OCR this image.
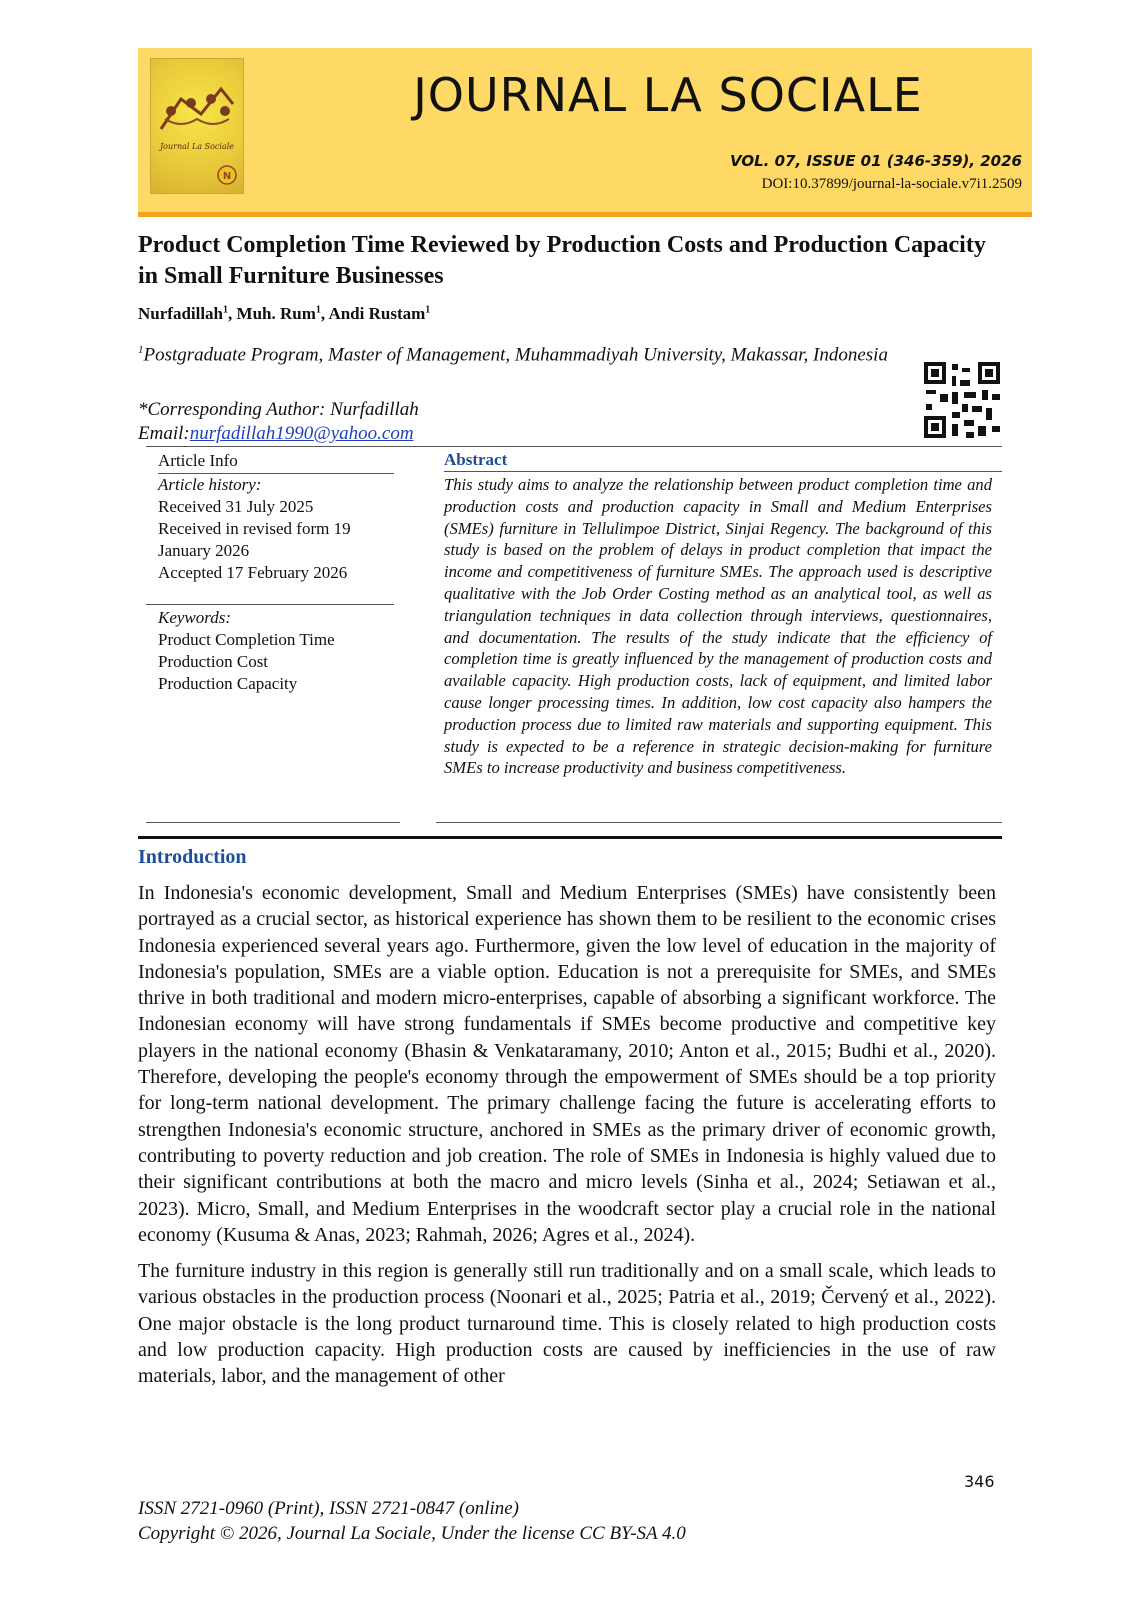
Journal La Sociale
N
JOURNAL LA SOCIALE
VOL. 07, ISSUE 01 (346-359), 2026
DOI:10.37899/journal-la-sociale.v7i1.2509
Product Completion Time Reviewed by Production Costs and Production Capacity in Small Furniture Businesses
Nurfadillah$^1$, Muh. Rum$^1$, Andi Rustam$^1$
$^1$Postgraduate Program, Master of Management, Muhammadiyah University, Makassar, Indonesia
*Corresponding Author: Nurfadillah
Email:nurfadillah1990@yahoo.com
Article Info
Article history:
Received 31 July 2025
Received in revised form 19 January 2026
Accepted 17 February 2026
Keywords:
Product Completion Time
Production Cost
Production Capacity
Abstract
This study aims to analyze the relationship between product completion time and production costs and production capacity in Small and Medium Enterprises (SMEs) furniture in Tellulimpoe District, Sinjai Regency. The background of this study is based on the problem of delays in product completion that impact the income and competitiveness of furniture SMEs. The approach used is descriptive qualitative with the Job Order Costing method as an analytical tool, as well as triangulation techniques in data collection through interviews, questionnaires, and documentation. The results of the study indicate that the efficiency of completion time is greatly influenced by the management of production costs and available capacity. High production costs, lack of equipment, and limited labor cause longer processing times. In addition, low cost capacity also hampers the production process due to limited raw materials and supporting equipment. This study is expected to be a reference in strategic decision-making for furniture SMEs to increase productivity and business competitiveness.
Introduction

In Indonesia's economic development, Small and Medium Enterprises (SMEs) have consistently been portrayed as a crucial sector, as historical experience has shown them to be resilient to the economic crises Indonesia experienced several years ago. Furthermore, given the low level of education in the majority of Indonesia's population, SMEs are a viable option. Education is not a prerequisite for SMEs, and SMEs thrive in both traditional and modern micro-enterprises, capable of absorbing a significant workforce. The Indonesian economy will have strong fundamentals if SMEs become productive and competitive key players in the national economy (Bhasin & Venkataramany, 2010; Anton et al., 2015; Budhi et al., 2020). Therefore, developing the people's economy through the empowerment of SMEs should be a top priority for long-term national development. The primary challenge facing the future is accelerating efforts to strengthen Indonesia's economic structure, anchored in SMEs as the primary driver of economic growth, contributing to poverty reduction and job creation. The role of SMEs in Indonesia is highly valued due to their significant contributions at both the macro and micro levels (Sinha et al., 2024; Setiawan et al., 2023). Micro, Small, and Medium Enterprises in the woodcraft sector play a crucial role in the national economy (Kusuma & Anas, 2023; Rahmah, 2026; Agres et al., 2024).

The furniture industry in this region is generally still run traditionally and on a small scale, which leads to various obstacles in the production process (Noonari et al., 2025; Patria et al., 2019; Červený et al., 2022). One major obstacle is the long product turnaround time. This is closely related to high production costs and low production capacity. High production costs are caused by inefficiencies in the use of raw materials, labor, and the management of other

346
ISSN 2721-0960 (Print), ISSN 2721-0847 (online)
Copyright © 2026, Journal La Sociale, Under the license CC BY-SA 4.0
